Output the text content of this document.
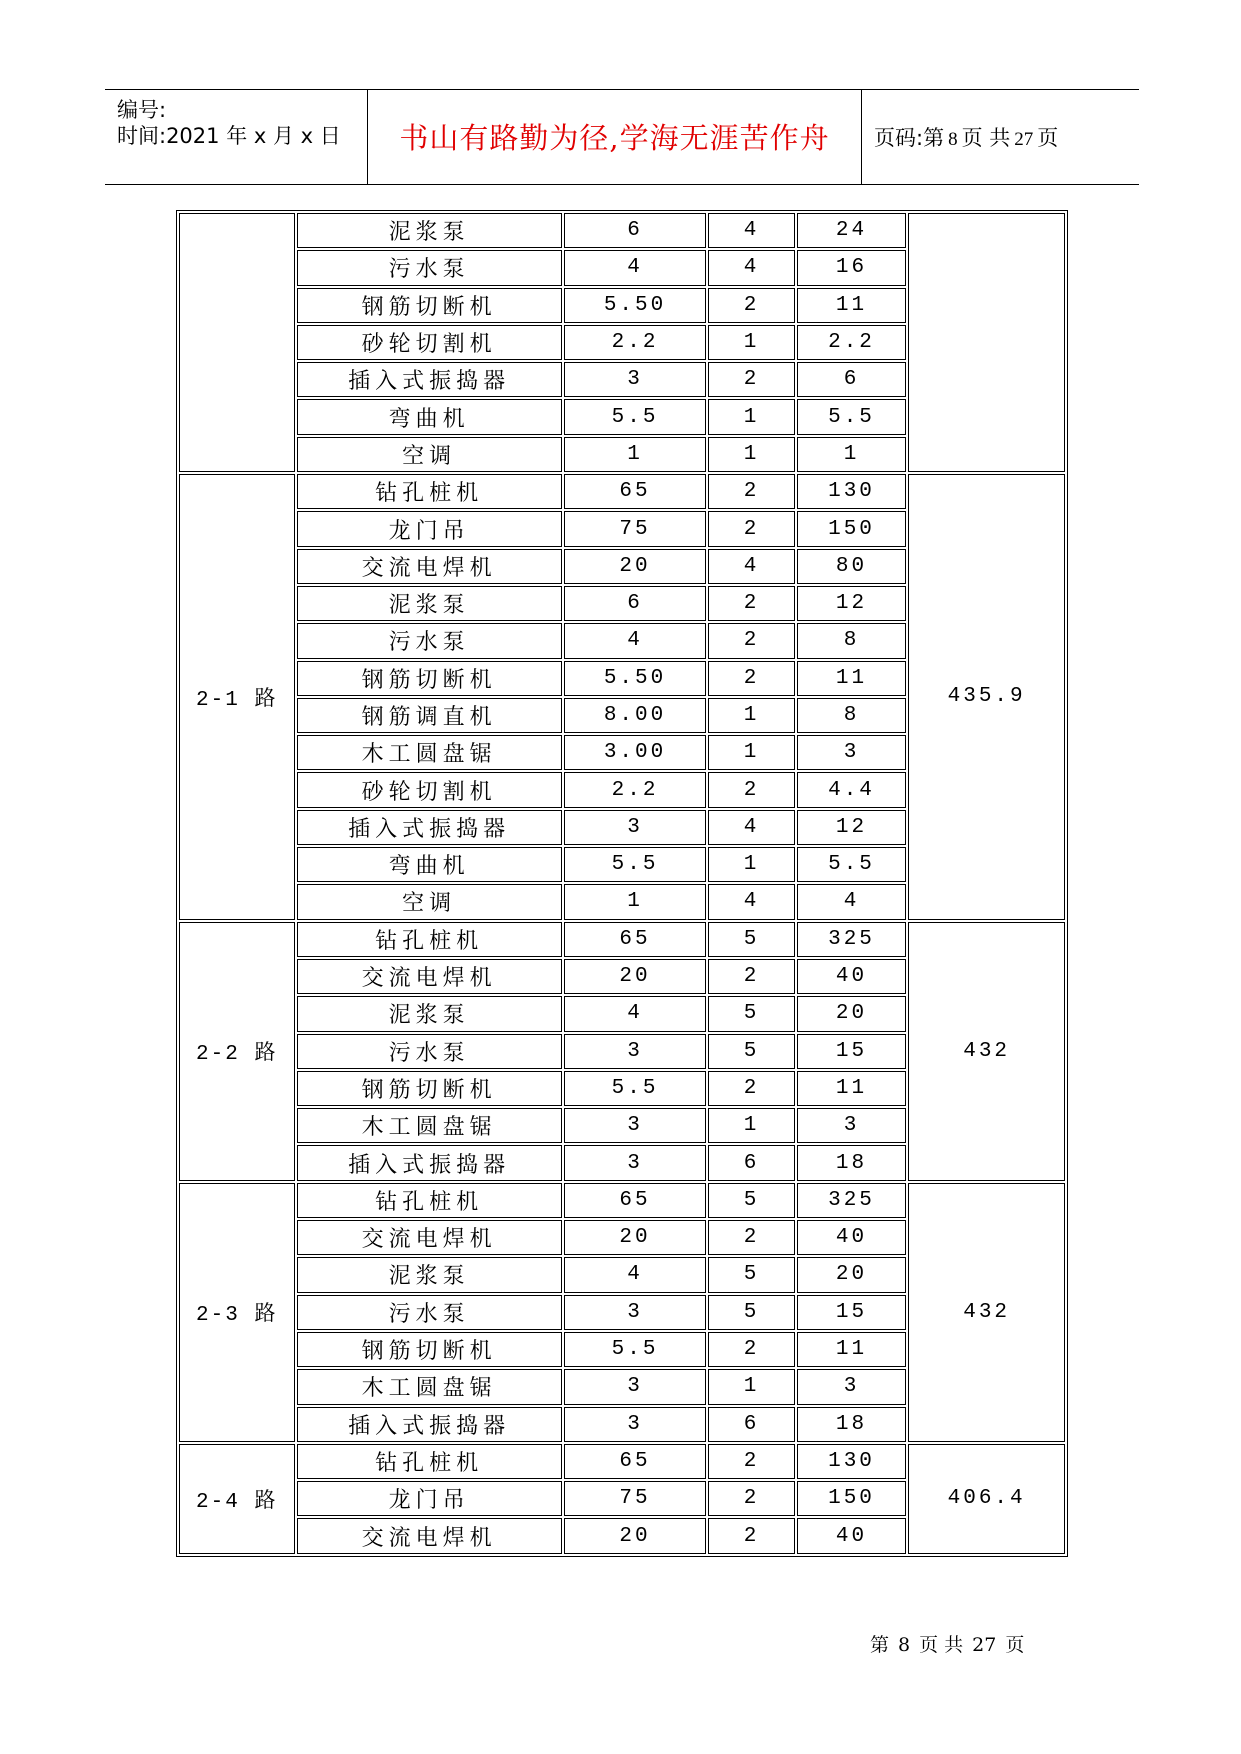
编号:
时间:2021 年 x 月 x 日	书山有路勤为径,学海无涯苦作舟	页码:第 8 页 共 27 页
	泥浆泵	6	4	24	
	污水泵	4	4	16	
	钢筋切断机	5.50	2	11	
	砂轮切割机	2.2	1	2.2	
	插入式振捣器	3	2	6	
	弯曲机	5.5	1	5.5	
	空调	1	1	1	
2-1 路	钻孔桩机	65	2	130	435.9
	龙门吊	75	2	150	
	交流电焊机	20	4	80	
	泥浆泵	6	2	12	
	污水泵	4	2	8	
	钢筋切断机	5.50	2	11	
	钢筋调直机	8.00	1	8	
	木工圆盘锯	3.00	1	3	
	砂轮切割机	2.2	2	4.4	
	插入式振捣器	3	4	12	
	弯曲机	5.5	1	5.5	
	空调	1	4	4	
2-2 路	钻孔桩机	65	5	325	432
	交流电焊机	20	2	40	
	泥浆泵	4	5	20	
	污水泵	3	5	15	
	钢筋切断机	5.5	2	11	
	木工圆盘锯	3	1	3	
	插入式振捣器	3	6	18	
2-3 路	钻孔桩机	65	5	325	432
	交流电焊机	20	2	40	
	泥浆泵	4	5	20	
	污水泵	3	5	15	
	钢筋切断机	5.5	2	11	
	木工圆盘锯	3	1	3	
	插入式振捣器	3	6	18	
2-4 路	钻孔桩机	65	2	130	406.4
	龙门吊	75	2	150	
	交流电焊机	20	2	40	
第 8 页 共 27 页
